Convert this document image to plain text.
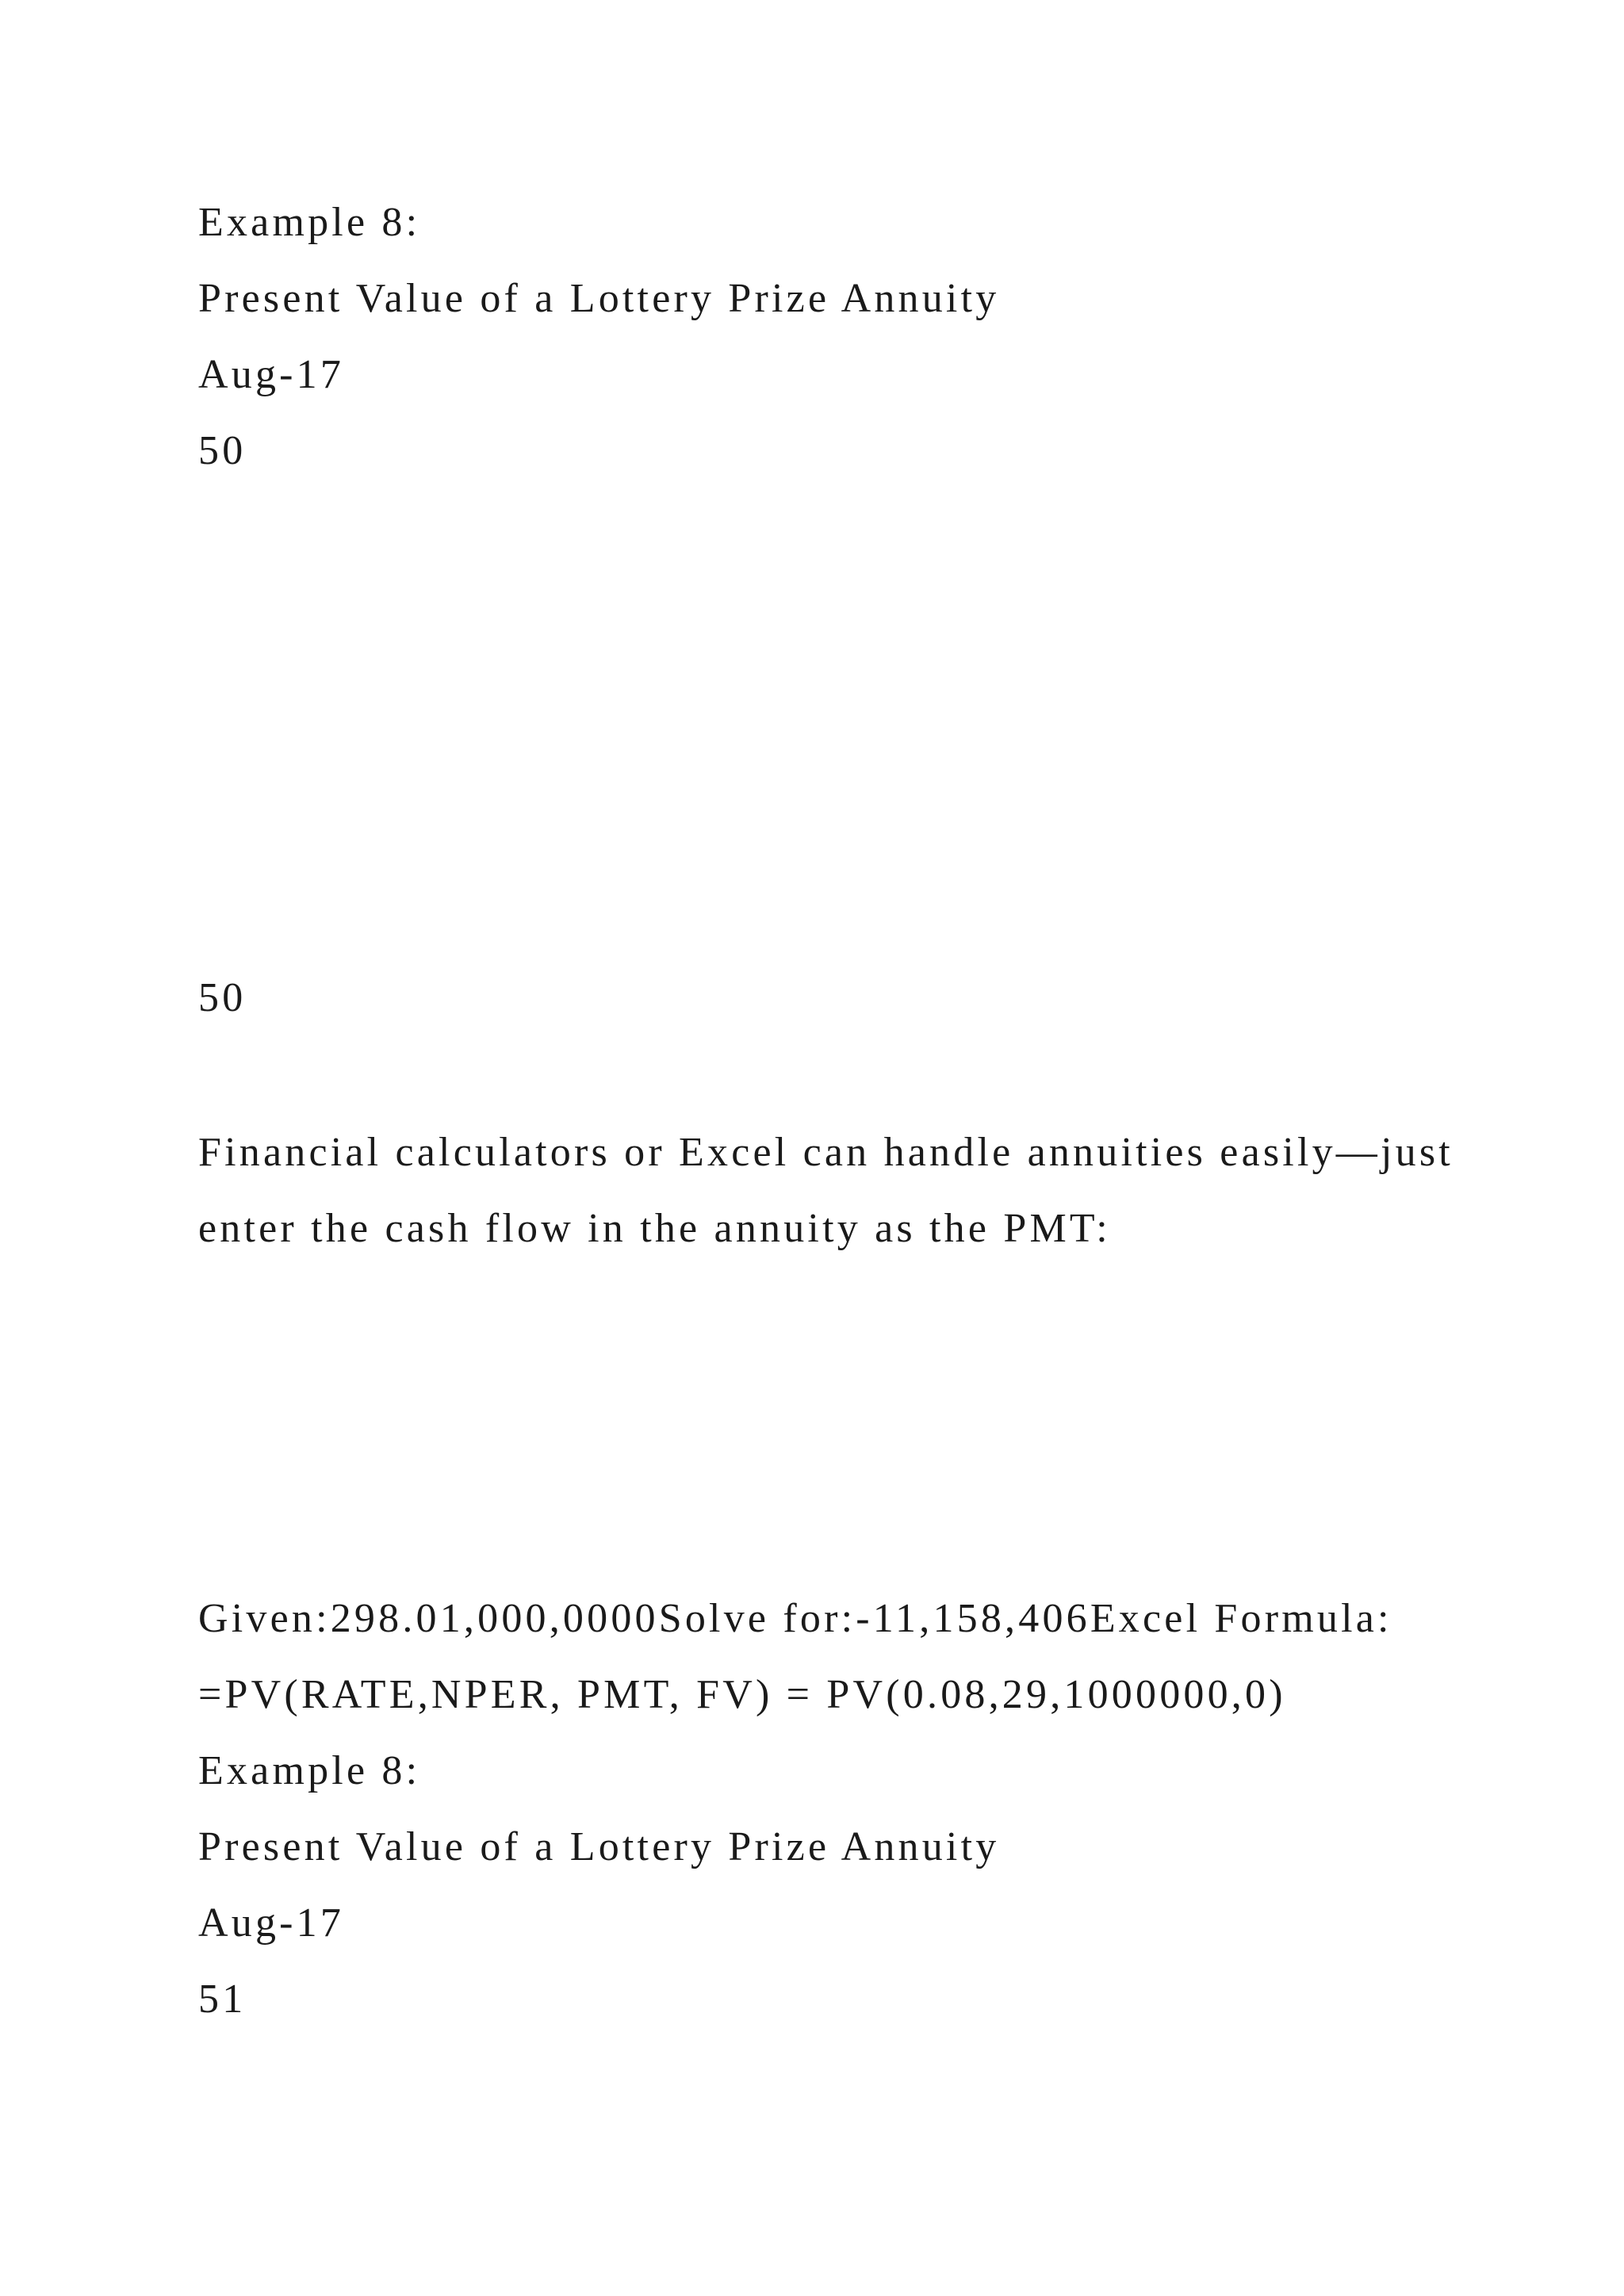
Example 8:

Present Value of a Lottery Prize Annuity

Aug-17

50

50

Financial calculators or Excel can handle annuities easily—just

enter the cash flow in the annuity as the PMT:

Given:298.01,000,0000Solve for:-11,158,406Excel Formula:

=PV(RATE,NPER, PMT, FV) = PV(0.08,29,1000000,0)

Example 8:

Present Value of a Lottery Prize Annuity

Aug-17

51
